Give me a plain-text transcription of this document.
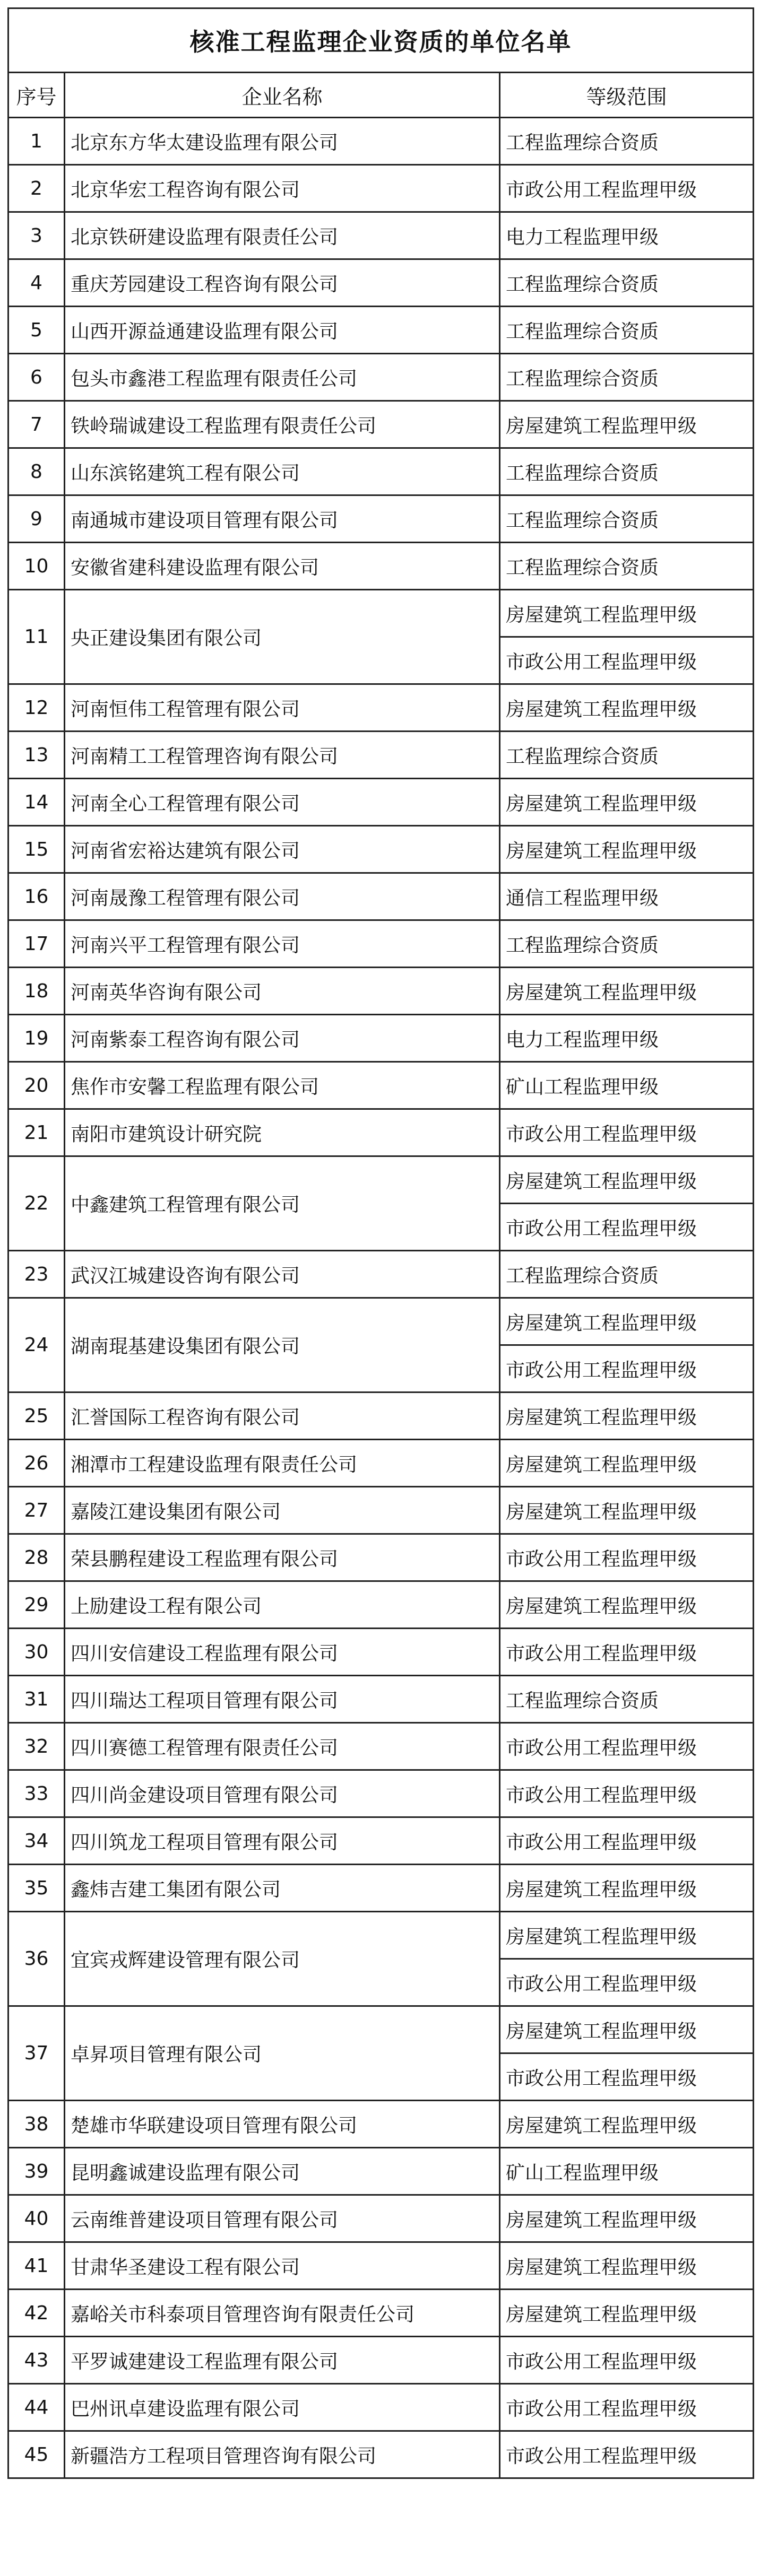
核准工程监理企业资质的单位名单		
序号	企业名称	等级范围
1	北京东方华太建设监理有限公司	工程监理综合资质
2	北京华宏工程咨询有限公司	市政公用工程监理甲级
3	北京铁研建设监理有限责任公司	电力工程监理甲级
4	重庆芳园建设工程咨询有限公司	工程监理综合资质
5	山西开源益通建设监理有限公司	工程监理综合资质
6	包头市鑫港工程监理有限责任公司	工程监理综合资质
7	铁岭瑞诚建设工程监理有限责任公司	房屋建筑工程监理甲级
8	山东滨铭建筑工程有限公司	工程监理综合资质
9	南通城市建设项目管理有限公司	工程监理综合资质
10	安徽省建科建设监理有限公司	工程监理综合资质
11	央正建设集团有限公司	房屋建筑工程监理甲级
		市政公用工程监理甲级
12	河南恒伟工程管理有限公司	房屋建筑工程监理甲级
13	河南精工工程管理咨询有限公司	工程监理综合资质
14	河南全心工程管理有限公司	房屋建筑工程监理甲级
15	河南省宏裕达建筑有限公司	房屋建筑工程监理甲级
16	河南晟豫工程管理有限公司	通信工程监理甲级
17	河南兴平工程管理有限公司	工程监理综合资质
18	河南英华咨询有限公司	房屋建筑工程监理甲级
19	河南紫泰工程咨询有限公司	电力工程监理甲级
20	焦作市安馨工程监理有限公司	矿山工程监理甲级
21	南阳市建筑设计研究院	市政公用工程监理甲级
22	中鑫建筑工程管理有限公司	房屋建筑工程监理甲级
		市政公用工程监理甲级
23	武汉江城建设咨询有限公司	工程监理综合资质
24	湖南琨基建设集团有限公司	房屋建筑工程监理甲级
		市政公用工程监理甲级
25	汇誉国际工程咨询有限公司	房屋建筑工程监理甲级
26	湘潭市工程建设监理有限责任公司	房屋建筑工程监理甲级
27	嘉陵江建设集团有限公司	房屋建筑工程监理甲级
28	荣县鹏程建设工程监理有限公司	市政公用工程监理甲级
29	上励建设工程有限公司	房屋建筑工程监理甲级
30	四川安信建设工程监理有限公司	市政公用工程监理甲级
31	四川瑞达工程项目管理有限公司	工程监理综合资质
32	四川赛德工程管理有限责任公司	市政公用工程监理甲级
33	四川尚金建设项目管理有限公司	市政公用工程监理甲级
34	四川筑龙工程项目管理有限公司	市政公用工程监理甲级
35	鑫炜吉建工集团有限公司	房屋建筑工程监理甲级
36	宜宾戎辉建设管理有限公司	房屋建筑工程监理甲级
		市政公用工程监理甲级
37	卓昇项目管理有限公司	房屋建筑工程监理甲级
		市政公用工程监理甲级
38	楚雄市华联建设项目管理有限公司	房屋建筑工程监理甲级
39	昆明鑫诚建设监理有限公司	矿山工程监理甲级
40	云南维普建设项目管理有限公司	房屋建筑工程监理甲级
41	甘肃华圣建设工程有限公司	房屋建筑工程监理甲级
42	嘉峪关市科泰项目管理咨询有限责任公司	房屋建筑工程监理甲级
43	平罗诚建建设工程监理有限公司	市政公用工程监理甲级
44	巴州讯卓建设监理有限公司	市政公用工程监理甲级
45	新疆浩方工程项目管理咨询有限公司	市政公用工程监理甲级
